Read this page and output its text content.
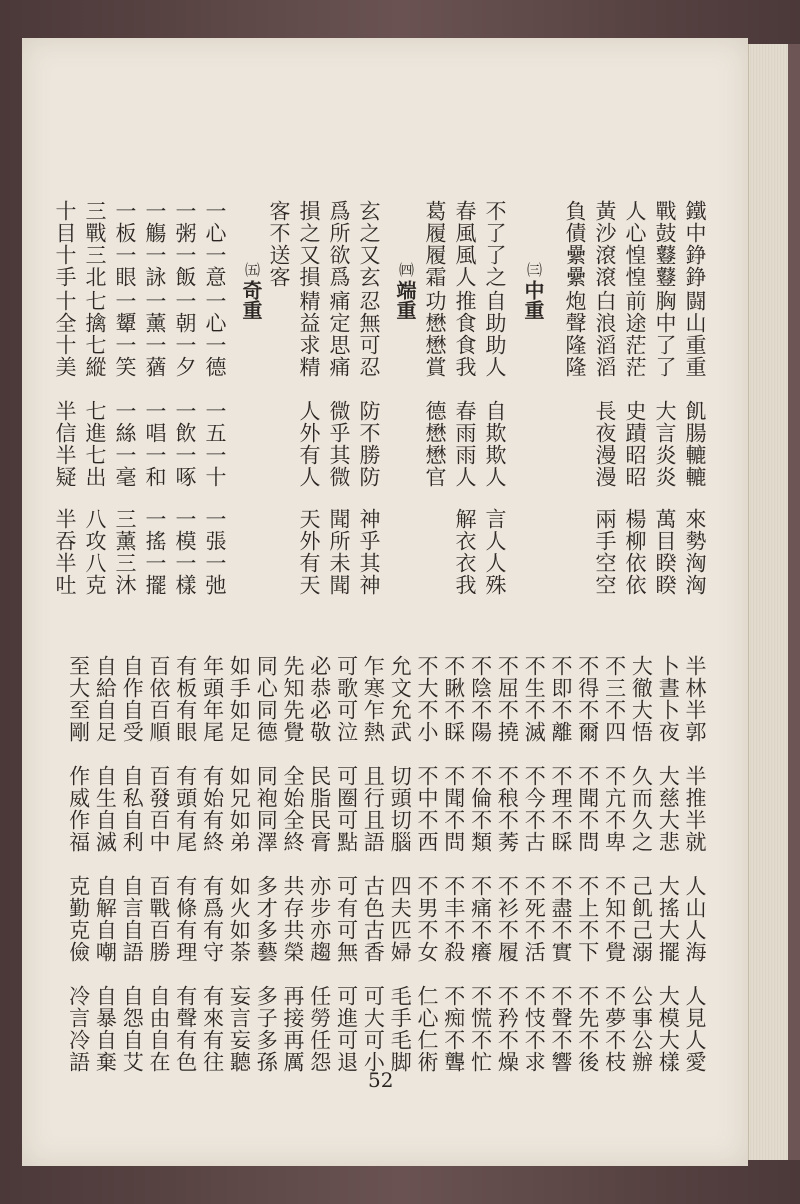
㈢
中重
鐵中錚錚
戰鼓鼟鼟
人心惶惶
黃沙滾滾
負債纍纍
闘山重重
胸中了了
前途茫茫
白浪滔滔
炮聲隆隆
飢腸轆轆
大言炎炎
史蹟昭昭
長夜漫漫
來勢洶洶
萬目睽睽
楊柳依依
兩手空空
不了了之
春風風人
葛履履霜
自助助人
推食食我
功懋懋賞
自欺欺人
春雨雨人
德懋懋官
言人人殊
解衣衣我
㈣
端重
玄之又玄
爲所欲爲
損之又損
客不送客
忍無可忍
痛定思痛
精益求精
防不勝防
微乎其微
人外有人
神乎其神
聞所未聞
天外有天
㈤
奇重
一心一意
一粥一飯
一觴一詠
一板一眼
三戰三北
十目十手
一心一德
一朝一夕
一薰一蕕
一顰一笑
七擒七縱
十全十美
一五一十
一飲一啄
一唱一和
一絲一毫
七進七出
半信半疑
一張一弛
一模一樣
一搖一擺
三薰三沐
八攻八克
半吞半吐
半林半郭
卜晝卜夜
大徹大悟
不三不四
不得不爾
不即不離
不生不滅
不屈不撓
不陰不陽
不瞅不睬
不大不小
允文允武
乍寒乍熱
可歌可泣
必恭必敬
先知先覺
同心同德
如手如足
年頭年尾
有板有眼
百依百順
自作自受
自給自足
至大至剛
半推半就
大慈大悲
久而久之
不亢不卑
不聞不問
不理不睬
不今不古
不稂不莠
不倫不類
不聞不問
不中不西
切頭切腦
且行且語
可圈可點
民脂民膏
全始全終
同袍同澤
如兄如弟
有始有終
有頭有尾
百發百中
自私自利
自生自滅
作威作福
人山人海
大搖大擺
己飢己溺
不知不覺
不上不下
不盡不實
不死不活
不衫不履
不痛不癢
不丰不殺
不男不女
四夫匹婦
古色古香
可有可無
亦步亦趨
共存共榮
多才多藝
如火如荼
有爲有守
有條有理
百戰百勝
自言自語
自解自嘲
克勤克儉
人見人愛
大模大樣
公事公辦
不夢不枝
不先不後
不聲不響
不忮不求
不矜不燥
不慌不忙
不痴不聾
仁心仁術
毛手毛脚
可大可小
可進可退
任勞任怨
再接再厲
多子多孫
妄言妄聽
有來有往
有聲有色
自由自在
自怨自艾
自暴自棄
冷言冷語
52
